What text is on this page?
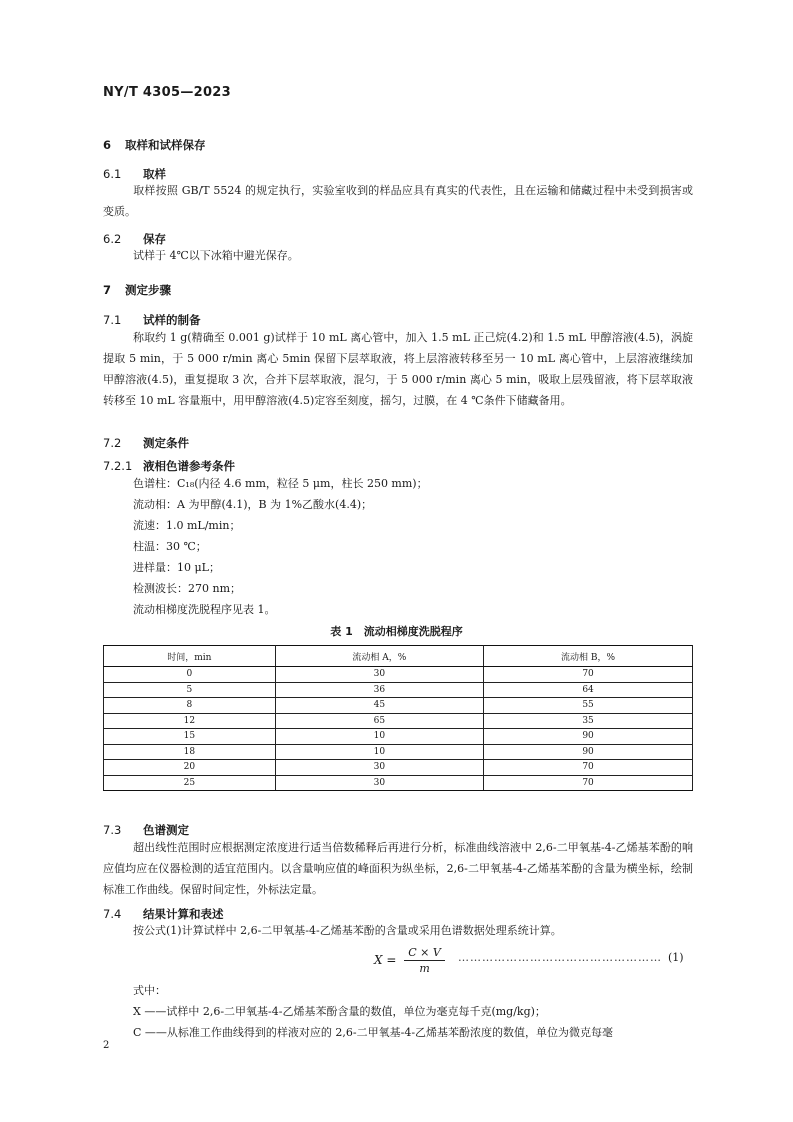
NY/T 4305—2023
6 取样和试样保存
6.1 取样
取样按照 GB/T 5524 的规定执行，实验室收到的样品应具有真实的代表性，且在运输和储藏过程中未受到损害或变质。
6.2 保存
试样于 4℃以下冰箱中避光保存。
7 测定步骤
7.1 试样的制备
称取约 1 g(精确至 0.001 g)试样于 10 mL 离心管中，加入 1.5 mL 正己烷(4.2)和 1.5 mL 甲醇溶液(4.5)，涡旋提取 5 min，于 5 000 r/min 离心 5min 保留下层萃取液，将上层溶液转移至另一 10 mL 离心管中，上层溶液继续加甲醇溶液(4.5)，重复提取 3 次，合并下层萃取液，混匀，于 5 000 r/min 离心 5 min，吸取上层残留液，将下层萃取液转移至 10 mL 容量瓶中，用甲醇溶液(4.5)定容至刻度，摇匀，过膜，在 4 ℃条件下储藏备用。
7.2 测定条件
7.2.1 液相色谱参考条件
色谱柱：C₁₈(内径 4.6 mm，粒径 5 μm，柱长 250 mm)；
流动相：A 为甲醇(4.1)，B 为 1%乙酸水(4.4)；
流速：1.0 mL/min；
柱温：30 ℃；
进样量：10 μL；
检测波长：270 nm；
流动相梯度洗脱程序见表 1。
表 1　流动相梯度洗脱程序
时间，min	流动相 A，%	流动相 B，%
0	30	70
5	36	64
8	45	55
12	65	35
15	10	90
18	10	90
20	30	70
25	30	70
7.3 色谱测定
超出线性范围时应根据测定浓度进行适当倍数稀释后再进行分析，标准曲线溶液中 2,6-二甲氧基-4-乙烯基苯酚的响应值均应在仪器检测的适宜范围内。以含量响应值的峰面积为纵坐标，2,6-二甲氧基-4-乙烯基苯酚的含量为横坐标，绘制标准工作曲线。保留时间定性，外标法定量。
7.4 结果计算和表述
按公式(1)计算试样中 2,6-二甲氧基-4-乙烯基苯酚的含量或采用色谱数据处理系统计算。
$X = \frac{C \times V}{m}$ …………………………………………… (1)
式中：
X ——试样中 2,6-二甲氧基-4-乙烯基苯酚含量的数值，单位为毫克每千克(mg/kg)；
C ——从标准工作曲线得到的样液对应的 2,6-二甲氧基-4-乙烯基苯酚浓度的数值，单位为微克每毫
2
